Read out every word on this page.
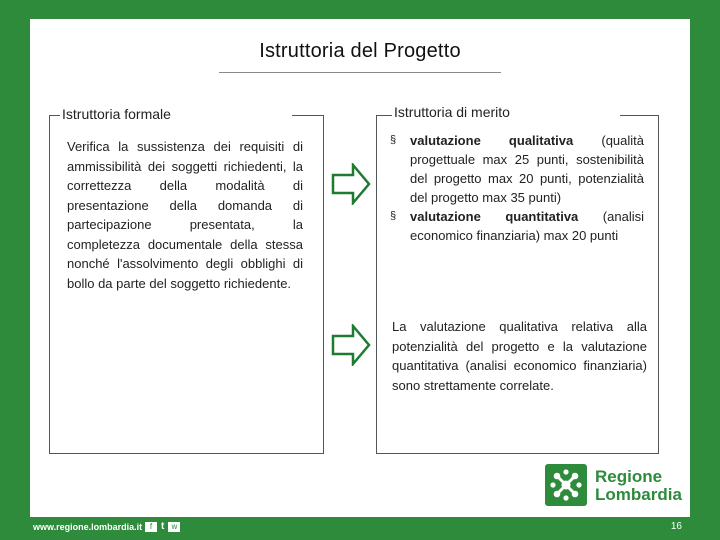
Istruttoria del Progetto
Istruttoria formale
Verifica la sussistenza dei requisiti di ammissibilità dei soggetti richiedenti, la correttezza della modalità di presentazione della domanda di partecipazione presentata, la completezza documentale della stessa nonché l'assolvimento degli obblighi di bollo da parte del soggetto richiedente.
Istruttoria di merito
§ valutazione qualitativa (qualità progettuale max 25 punti, sostenibilità del progetto max 20 punti, potenzialità del progetto max 35 punti)
§ valutazione quantitativa (analisi economico finanziaria) max 20 punti
La valutazione qualitativa relativa alla potenzialità del progetto e la valutazione quantitativa (analisi economico finanziaria) sono strettamente correlate.
Regione
Lombardia
www.regione.lombardia.it f t w	16
